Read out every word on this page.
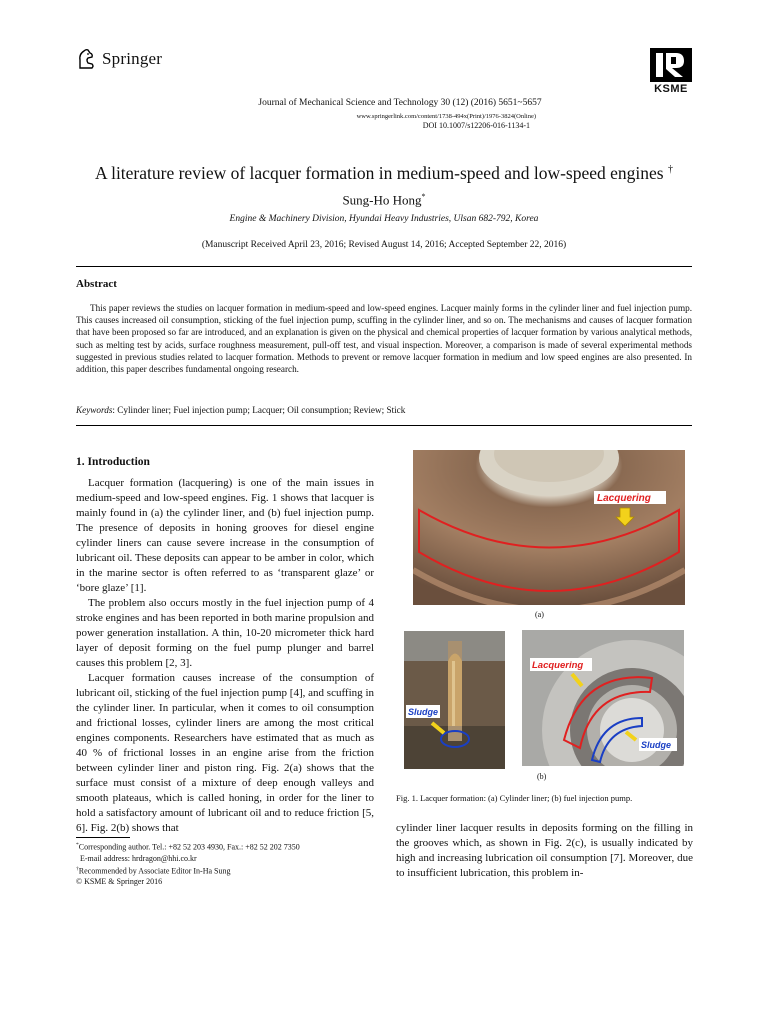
Springer
KSME
Journal of Mechanical Science and Technology 30 (12) (2016) 5651~5657
www.springerlink.com/content/1738-494x(Print)/1976-3824(Online)
DOI 10.1007/s12206-016-1134-1
A literature review of lacquer formation in medium-speed and low-speed engines †
Sung-Ho Hong*
Engine & Machinery Division, Hyundai Heavy Industries, Ulsan 682-792, Korea
(Manuscript Received April 23, 2016; Revised August 14, 2016; Accepted September 22, 2016)
Abstract
This paper reviews the studies on lacquer formation in medium-speed and low-speed engines. Lacquer mainly forms in the cylinder liner and fuel injection pump. This causes increased oil consumption, sticking of the fuel injection pump, scuffing in the cylinder liner, and so on. The mechanisms and causes of lacquer formation that have been proposed so far are introduced, and an explanation is given on the physical and chemical properties of lacquer formation by various analytical methods, such as melting test by acids, surface roughness measurement, pull-off test, and visual inspection. Moreover, a comparison is made of several experimental methods suggested in previous studies related to lacquer formation. Methods to prevent or remove lacquer formation in medium and low speed engines are also presented. In addition, this paper describes fundamental ongoing research.
Keywords: Cylinder liner; Fuel injection pump; Lacquer; Oil consumption; Review; Stick
1. Introduction

Lacquer formation (lacquering) is one of the main issues in medium-speed and low-speed engines. Fig. 1 shows that lacquer is mainly found in (a) the cylinder liner, and (b) fuel injection pump. The presence of deposits in honing grooves for diesel engine cylinder liners can cause severe increase in the consumption of lubricant oil. These deposits can appear to be amber in color, which in the marine sector is often referred to as ‘transparent glaze’ or ‘bore glaze’ [1].

The problem also occurs mostly in the fuel injection pump of 4 stroke engines and has been reported in both marine propulsion and power generation installation. A thin, 10-20 micrometer thick hard layer of deposit forming on the fuel pump plunger and barrel causes this problem [2, 3].

Lacquer formation causes increase of the consumption of lubricant oil, sticking of the fuel injection pump [4], and scuffing in the cylinder liner. In particular, when it comes to oil consumption and frictional losses, cylinder liners are among the most critical engines components. Researchers have estimated that as much as 40 % of frictional losses in an engine arise from the friction between cylinder liner and piston ring. Fig. 2(a) shows that the surface must consist of a mixture of deep enough valleys and smooth plateaus, which is called honing, in order for the liner to hold a satisfactory amount of lubricant oil and to reduce friction [5, 6]. Fig. 2(b) shows that

*Corresponding author. Tel.: +82 52 203 4930, Fax.: +82 52 202 7350
E-mail address: hrdragon@hhi.co.kr
†Recommended by Associate Editor In-Ha Sung
© KSME & Springer 2016
Lacquering
(a)
Sludge
Lacquering
Sludge
(b)
Fig. 1. Lacquer formation: (a) Cylinder liner; (b) fuel injection pump.

cylinder liner lacquer results in deposits forming on the filling in the grooves which, as shown in Fig. 2(c), is usually indicated by high and increasing lubrication oil consumption [7]. Moreover, due to insufficient lubrication, this problem in-
